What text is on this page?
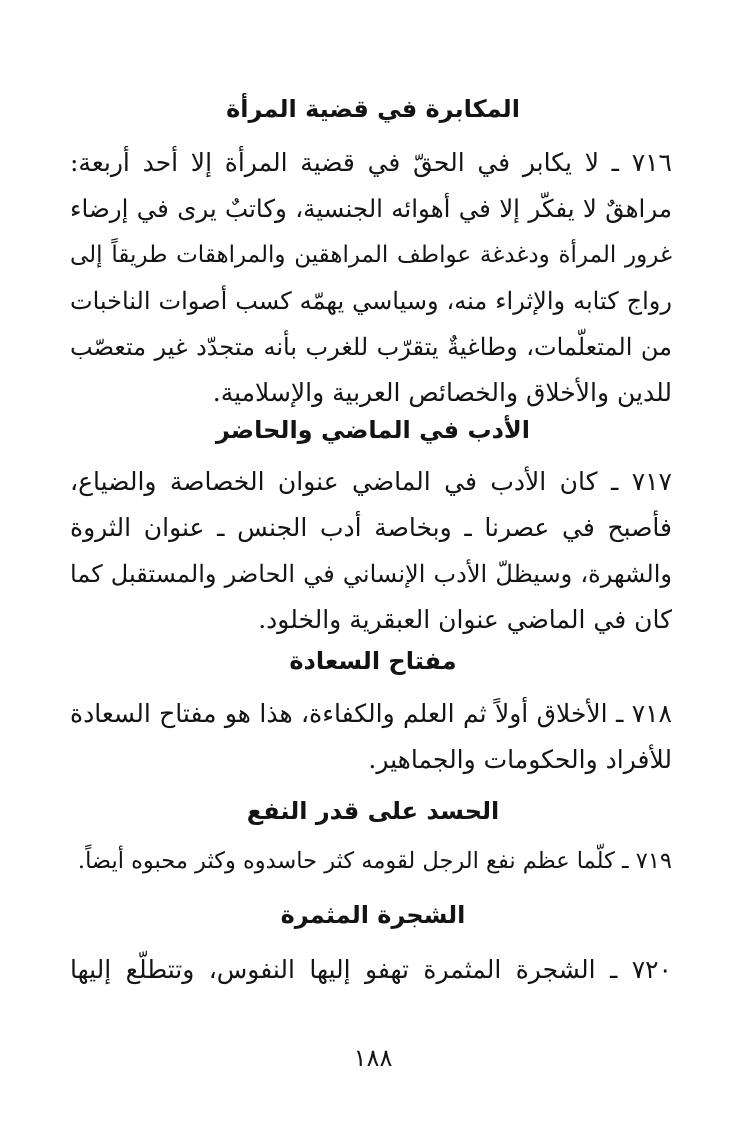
المكابرة في قضية المرأة
٧١٦ ـ لا يكابر في الحقّ في قضية المرأة إلا أحد أربعة:
مراهقٌ لا يفكّر إلا في أهوائه الجنسية، وكاتبٌ يرى في إرضاء
غرور المرأة ودغدغة عواطف المراهقين والمراهقات طريقاً إلى
رواج كتابه والإثراء منه، وسياسي يهمّه كسب أصوات الناخبات
من المتعلّمات، وطاغيةٌ يتقرّب للغرب بأنه متجدّد غير متعصّب
للدين والأخلاق والخصائص العربية والإسلامية.
الأدب في الماضي والحاضر
٧١٧ ـ كان الأدب في الماضي عنوان الخصاصة والضياع،
فأصبح في عصرنا ـ وبخاصة أدب الجنس ـ عنوان الثروة
والشهرة، وسيظلّ الأدب الإنساني في الحاضر والمستقبل كما
كان في الماضي عنوان العبقرية والخلود.
مفتاح السعادة
٧١٨ ـ الأخلاق أولاً ثم العلم والكفاءة، هذا هو مفتاح السعادة
للأفراد والحكومات والجماهير.
الحسد على قدر النفع
٧١٩ ـ كلّما عظم نفع الرجل لقومه كثر حاسدوه وكثر محبوه أيضاً.
الشجرة المثمرة
٧٢٠ ـ الشجرة المثمرة تهفو إليها النفوس، وتتطلّع إليها
١٨٨
